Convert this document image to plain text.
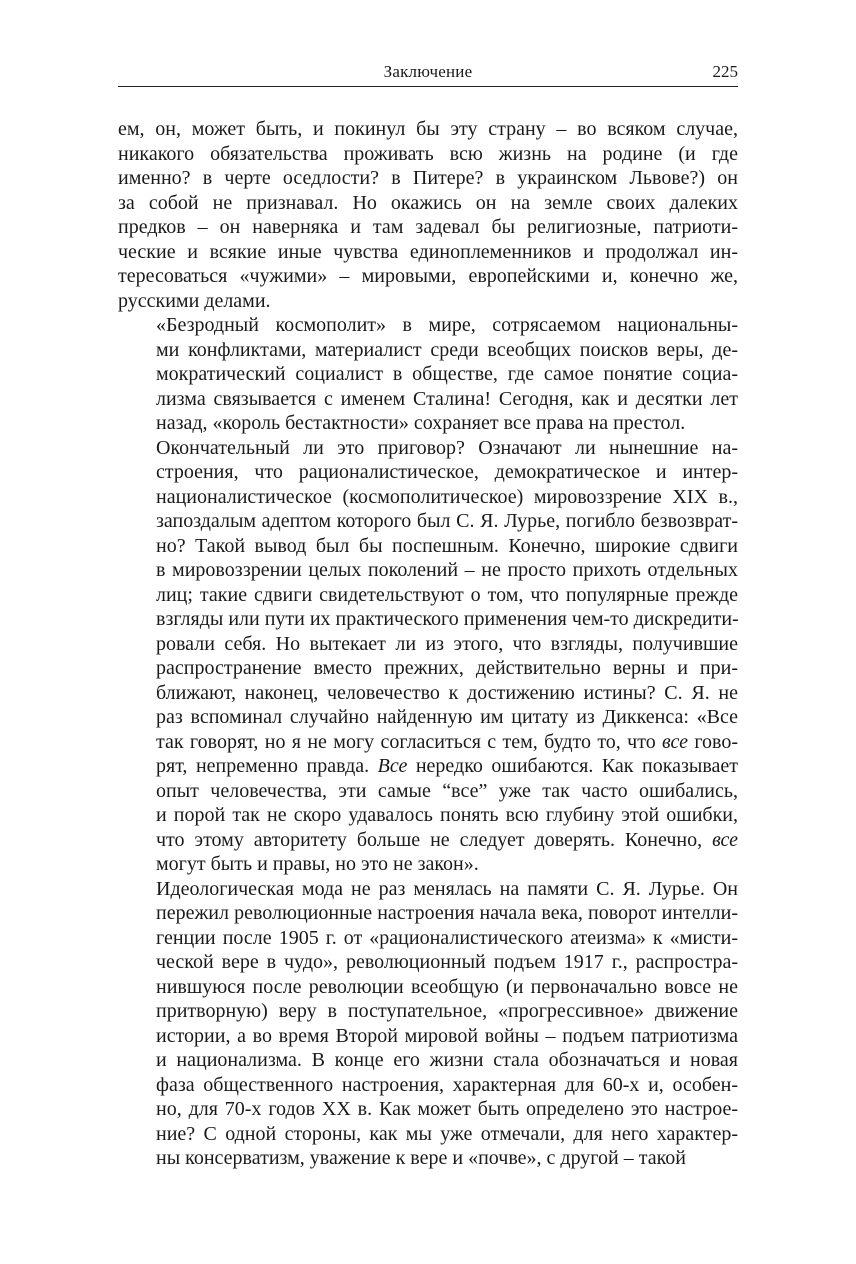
Заключение	225

ем, он, может быть, и покинул бы эту страну – во всяком случае,
никакого обязательства проживать всю жизнь на родине (и где
именно? в черте оседлости? в Питере? в украинском Львове?) он
за собой не признавал. Но окажись он на земле своих далеких
предков – он наверняка и там задевал бы религиозные, патриоти-
ческие и всякие иные чувства единоплеменников и продолжал ин-
тересоваться «чужими» – мировыми, европейскими и, конечно же,
русскими делами.

«Безродный космополит» в мире, сотрясаемом национальны-
ми конфликтами, материалист среди всеобщих поисков веры, де-
мократический социалист в обществе, где самое понятие социа-
лизма связывается с именем Сталина! Сегодня, как и десятки лет
назад, «король бестактности» сохраняет все права на престол.

Окончательный ли это приговор? Означают ли нынешние на-
строения, что рационалистическое, демократическое и интер-
националистическое (космополитическое) мировоззрение XIX в.,
запоздалым адептом которого был С. Я. Лурье, погибло безвозврат-
но? Такой вывод был бы поспешным. Конечно, широкие сдвиги
в мировоззрении целых поколений – не просто прихоть отдельных
лиц; такие сдвиги свидетельствуют о том, что популярные прежде
взгляды или пути их практического применения чем-то дискредити-
ровали себя. Но вытекает ли из этого, что взгляды, получившие
распространение вместо прежних, действительно верны и при-
ближают, наконец, человечество к достижению истины? С. Я. не
раз вспоминал случайно найденную им цитату из Диккенса: «Все
так говорят, но я не могу согласиться с тем, будто то, что все гово-
рят, непременно правда. Все нередко ошибаются. Как показывает
опыт человечества, эти самые “все” уже так часто ошибались,
и порой так не скоро удавалось понять всю глубину этой ошибки,
что этому авторитету больше не следует доверять. Конечно, все
могут быть и правы, но это не закон».

Идеологическая мода не раз менялась на памяти С. Я. Лурье. Он
пережил революционные настроения начала века, поворот интелли-
генции после 1905 г. от «рационалистического атеизма» к «мисти-
ческой вере в чудо», революционный подъем 1917 г., распростра-
нившуюся после революции всеобщую (и первоначально вовсе не
притворную) веру в поступательное, «прогрессивное» движение
истории, а во время Второй мировой войны – подъем патриотизма
и национализма. В конце его жизни стала обозначаться и новая
фаза общественного настроения, характерная для 60-х и, особен-
но, для 70-х годов XX в. Как может быть определено это настрое-
ние? С одной стороны, как мы уже отмечали, для него характер-
ны консерватизм, уважение к вере и «почве», с другой – такой
